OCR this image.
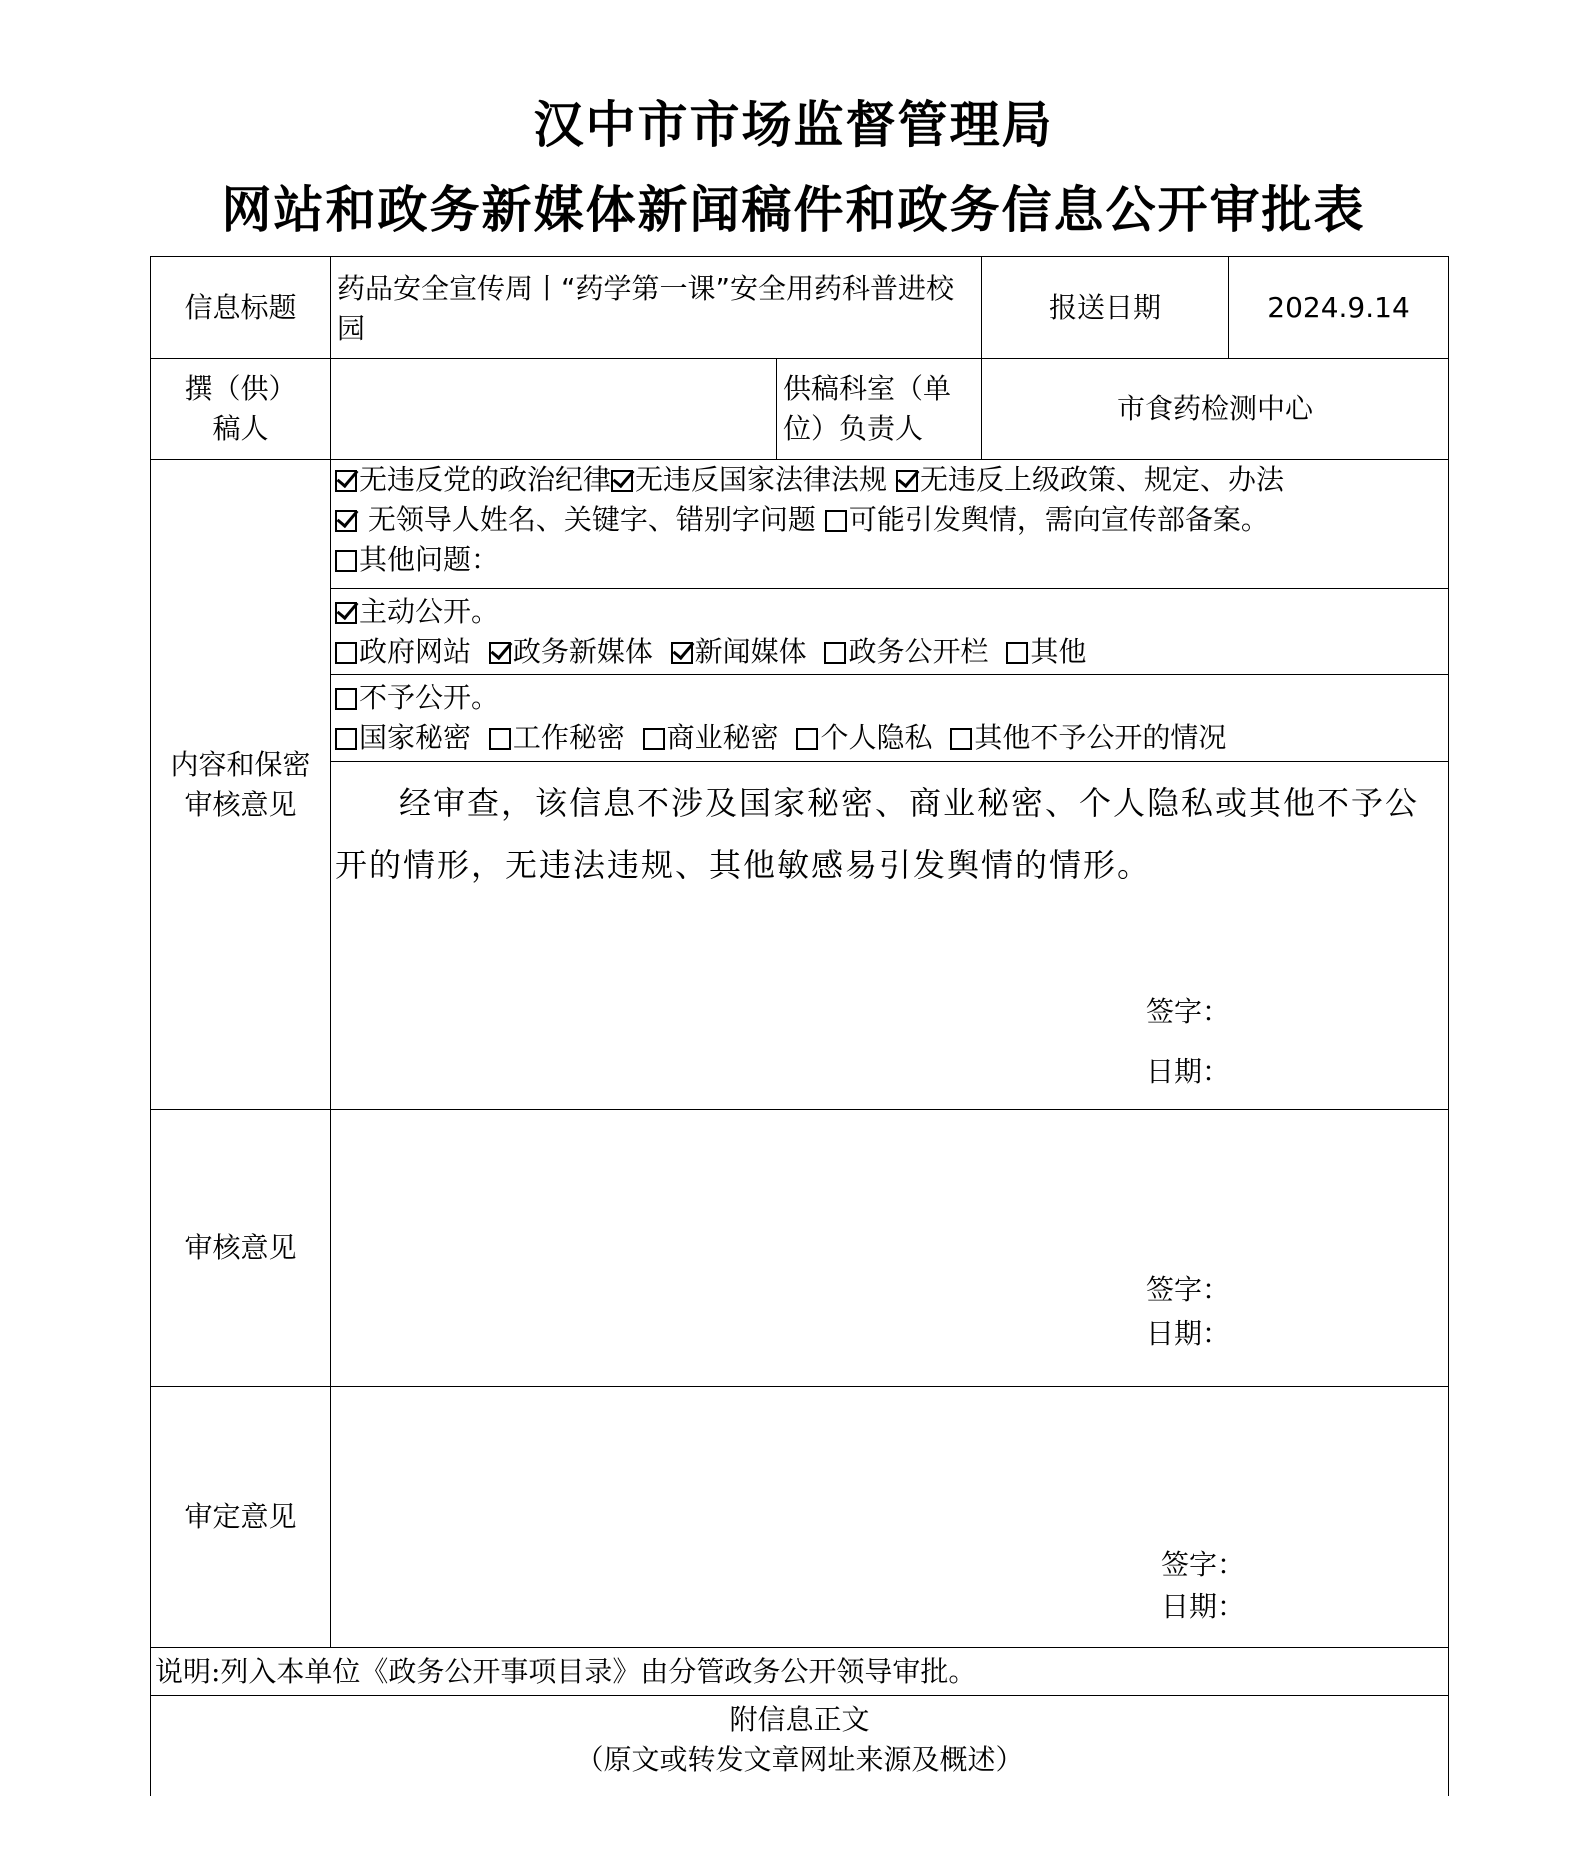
汉中市市场监督管理局
网站和政务新媒体新闻稿件和政务信息公开审批表
信息标题	药品安全宣传周丨“药学第一课”安全用药科普进校园		报送日期	2024.9.14
撰（供）稿人		供稿科室（单位）负责人	市食药检测中心	
内容和保密审核意见	无违反党的政治纪律 无违反国家法律法规 无违反上级政策、规定、办法
无领导人姓名、关键字、错别字问题 可能引发舆情，需向宣传部备案。
其他问题：			

	主动公开。
政府网站 政务新媒体 新闻媒体 政务公开栏 其他			

	不予公开。
国家秘密 工作秘密 商业秘密 个人隐私 其他不予公开的情况			

	经审查，该信息不涉及国家秘密、商业秘密、个人隐私或其他不予公开的情形，无违法违规、其他敏感易引发舆情的情形。
签字：
日期：			

审核意见	签字：
日期：			

审定意见	签字：
日期：			

说明:列入本单位《政务公开事项目录》由分管政务公开领导审批。				

附信息正文
（原文或转发文章网址来源及概述）				
